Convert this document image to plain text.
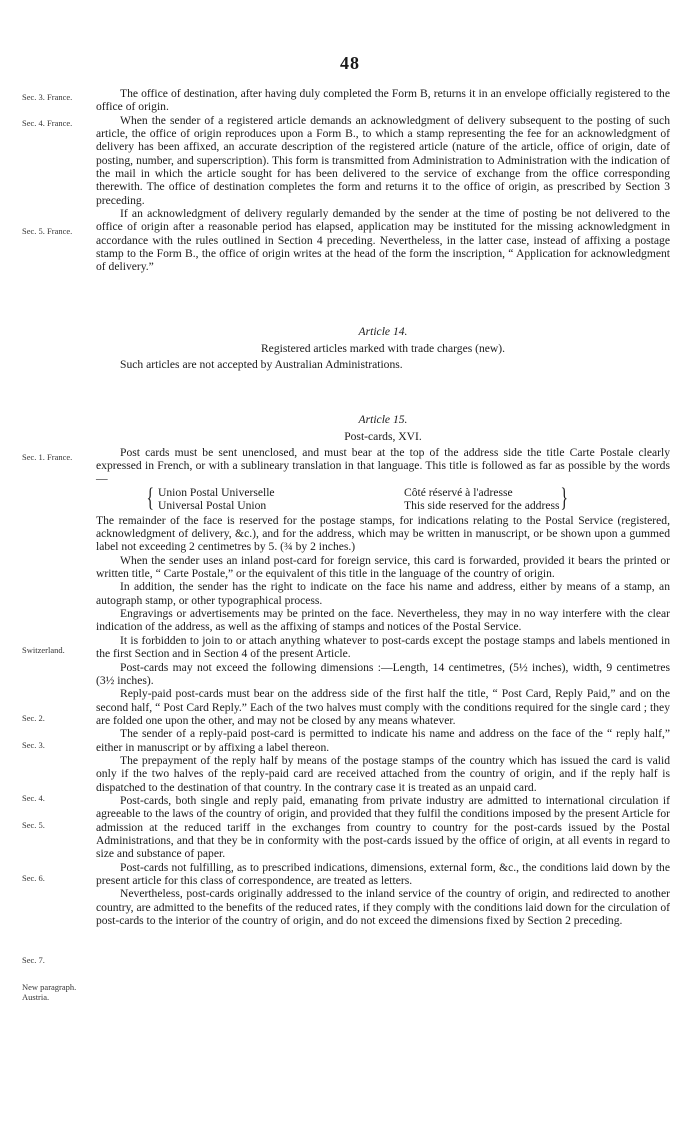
48
Sec. 3. France.
Sec. 4. France.
Sec. 5. France.
Sec. 1. France.
Switzerland.
Sec. 2.
Sec. 3.
Sec. 4.
Sec. 5.
Sec. 6.
Sec. 7.
New paragraph. Austria.

The office of destination, after having duly completed the Form B, returns it in an envelope officially registered to the office of origin.

When the sender of a registered article demands an acknowledgment of delivery subsequent to the posting of such article, the office of origin reproduces upon a Form B., to which a stamp representing the fee for an acknowledgment of delivery has been affixed, an accurate description of the registered article (nature of the article, office of origin, date of posting, number, and superscription). This form is transmitted from Administration to Administration with the indication of the mail in which the article sought for has been delivered to the service of exchange from the office corresponding therewith. The office of destination completes the form and returns it to the office of origin, as prescribed by Section 3 preceding.

If an acknowledgment of delivery regularly demanded by the sender at the time of posting be not delivered to the office of origin after a reasonable period has elapsed, application may be instituted for the missing acknowledgment in accordance with the rules outlined in Section 4 preceding. Nevertheless, in the latter case, instead of affixing a postage stamp to the Form B., the office of origin writes at the head of the form the inscription, “ Application for acknowledgment of delivery.”

Article 14.

Registered articles marked with trade charges (new).

Such articles are not accepted by Australian Administrations.

Article 15.

Post-cards, XVI.

Post cards must be sent unenclosed, and must bear at the top of the address side the title Carte Postale clearly expressed in French, or with a sublineary translation in that language. This title is followed as far as possible by the words—

{ Union Postal Universelle
Universal Postal Union
Côté réservé à l'adresse
This side reserved for the address }

The remainder of the face is reserved for the postage stamps, for indications relating to the Postal Service (registered, acknowledgment of delivery, &c.), and for the address, which may be written in manuscript, or be shown upon a gummed label not exceeding 2 centimetres by 5. (¾ by 2 inches.)

When the sender uses an inland post-card for foreign service, this card is forwarded, provided it bears the printed or written title, “ Carte Postale,” or the equivalent of this title in the language of the country of origin.

In addition, the sender has the right to indicate on the face his name and address, either by means of a stamp, an autograph stamp, or other typographical process.

Engravings or advertisements may be printed on the face. Nevertheless, they may in no way interfere with the clear indication of the address, as well as the affixing of stamps and notices of the Postal Service.

It is forbidden to join to or attach anything whatever to post-cards except the postage stamps and labels mentioned in the first Section and in Section 4 of the present Article.

Post-cards may not exceed the following dimensions :—Length, 14 centimetres, (5½ inches), width, 9 centimetres (3½ inches).

Reply-paid post-cards must bear on the address side of the first half the title, “ Post Card, Reply Paid,” and on the second half, “ Post Card Reply.” Each of the two halves must comply with the conditions required for the single card ; they are folded one upon the other, and may not be closed by any means whatever.

The sender of a reply-paid post-card is permitted to indicate his name and address on the face of the “ reply half,” either in manuscript or by affixing a label thereon.

The prepayment of the reply half by means of the postage stamps of the country which has issued the card is valid only if the two halves of the reply-paid card are received attached from the country of origin, and if the reply half is dispatched to the destination of that country. In the contrary case it is treated as an unpaid card.

Post-cards, both single and reply paid, emanating from private industry are admitted to international circulation if agreeable to the laws of the country of origin, and provided that they fulfil the conditions imposed by the present Article for admission at the reduced tariff in the exchanges from country to country for the post-cards issued by the Postal Administrations, and that they be in conformity with the post-cards issued by the office of origin, at all events in regard to size and substance of paper.

Post-cards not fulfilling, as to prescribed indications, dimensions, external form, &c., the conditions laid down by the present article for this class of correspondence, are treated as letters.

Nevertheless, post-cards originally addressed to the inland service of the country of origin, and redirected to another country, are admitted to the benefits of the reduced rates, if they comply with the conditions laid down for the circulation of post-cards to the interior of the country of origin, and do not exceed the dimensions fixed by Section 2 preceding.
